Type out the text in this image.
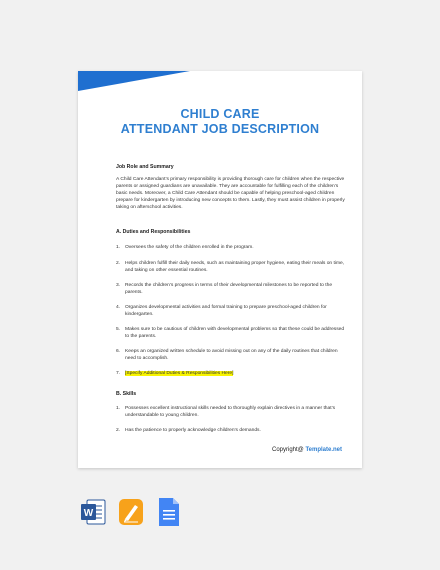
CHILD CARE
ATTENDANT JOB DESCRIPTION
Job Role and Summary
A Child Care Attendant’s primary responsibility is providing thorough care for children when the respective parents or assigned guardians are unavailable. They are accountable for fulfilling each of the children’s basic needs. Moreover, a Child Care Attendant should be capable of helping preschool-aged children prepare for kindergarten by introducing new concepts to them. Lastly, they must assist children in properly taking on afterschool activities.
A. Duties and Responsibilities
1. Oversees the safety of the children enrolled in the program.
2. Helps children fulfill their daily needs, such as maintaining proper hygiene, eating their meals on time, and taking on other essential routines.
3. Records the children’s progress in terms of their developmental milestones to be reported to the parents.
4. Organizes developmental activities and formal training to prepare preschool-aged children for kindergarten.
5. Makes sure to be cautious of children with developmental problems so that these could be addressed to the parents.
6. Keeps an organized written schedule to avoid missing out on any of the daily routines that children need to accomplish.
7. [Specify Additional Duties & Responsibilities Here]
B. Skills
1. Possesses excellent instructional skills needed to thoroughly explain directives in a manner that’s understandable to young children.
2. Has the patience to properly acknowledge children’s demands.
Copyright@ Template.net
W
